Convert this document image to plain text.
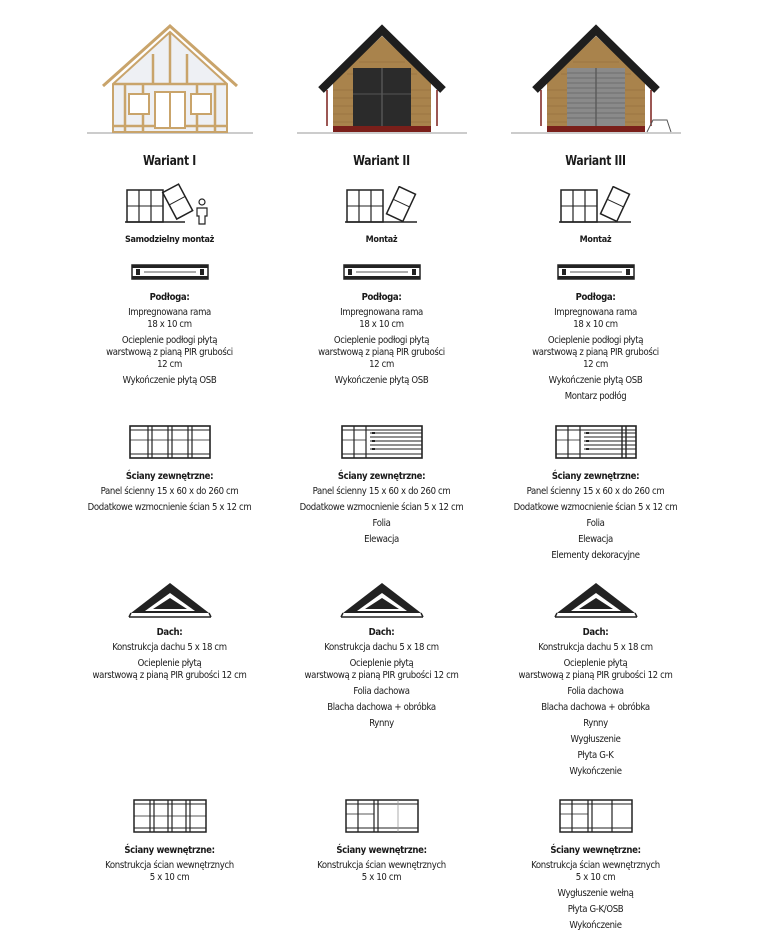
Wariant I
Samodzielny montaż
Podłoga:
Impregnowana rama
18 x 10 cm
Ocieplenie podłogi płytą
warstwową z pianą PIR grubości
12 cm
Wykończenie płytą OSB
Ściany zewnętrzne:
Panel ścienny 15 x 60 x do 260 cm
Dodatkowe wzmocnienie ścian 5 x 12 cm
Dach:
Konstrukcja dachu 5 x 18 cm
Ocieplenie płytą
warstwową z pianą PIR grubości 12 cm
Ściany wewnętrzne:
Konstrukcja ścian wewnętrznych
5 x 10 cm
Wariant II
Montaż
Podłoga:
Impregnowana rama
18 x 10 cm
Ocieplenie podłogi płytą
warstwową z pianą PIR grubości
12 cm
Wykończenie płytą OSB
Ściany zewnętrzne:
Panel ścienny 15 x 60 x do 260 cm
Dodatkowe wzmocnienie ścian 5 x 12 cm
Folia
Elewacja
Dach:
Konstrukcja dachu 5 x 18 cm
Ocieplenie płytą
warstwową z pianą PIR grubości 12 cm
Folia dachowa
Blacha dachowa + obróbka
Rynny
Ściany wewnętrzne:
Konstrukcja ścian wewnętrznych
5 x 10 cm
Wariant III
Montaż
Podłoga:
Impregnowana rama
18 x 10 cm
Ocieplenie podłogi płytą
warstwową z pianą PIR grubości
12 cm
Wykończenie płytą OSB
Montarz podłóg
Ściany zewnętrzne:
Panel ścienny 15 x 60 x do 260 cm
Dodatkowe wzmocnienie ścian 5 x 12 cm
Folia
Elewacja
Elementy dekoracyjne
Dach:
Konstrukcja dachu 5 x 18 cm
Ocieplenie płytą
warstwową z pianą PIR grubości 12 cm
Folia dachowa
Blacha dachowa + obróbka
Rynny
Wygłuszenie
Płyta G-K
Wykończenie
Ściany wewnętrzne:
Konstrukcja ścian wewnętrznych
5 x 10 cm
Wygłuszenie wełną
Płyta G-K/OSB
Wykończenie
